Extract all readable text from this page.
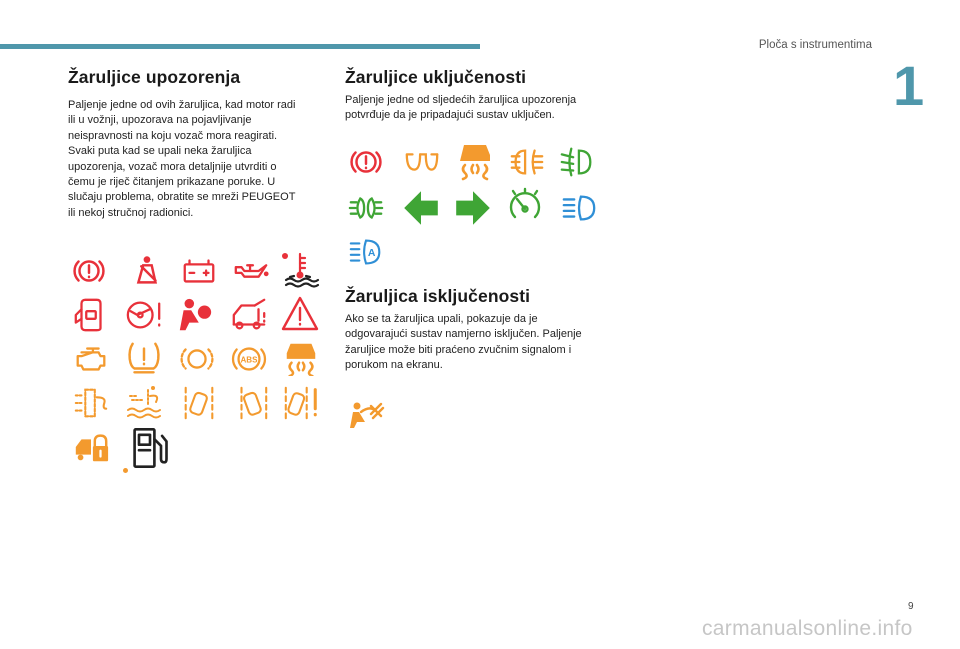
Ploča s instrumentima
1
Žaruljice upozorenja

Paljenje jedne od ovih žaruljica, kad motor radi ili u vožnji, upozorava na pojavljivanje neispravnosti na koju vozač mora reagirati. Svaki puta kad se upali neka žaruljica upozorenja, vozač mora detaljnije utvrditi o čemu je riječ čitanjem prikazane poruke. U slučaju problema, obratite se mreži PEUGEOT ili nekoj stručnoj radionici.

Žaruljice uključenosti

Paljenje jedne od sljedećih žaruljica upozorenja potvrđuje da je pripadajući sustav uključen.

Žaruljica isključenosti

Ako se ta žaruljica upali, pokazuje da je odgovarajući sustav namjerno isključen. Paljenje žaruljice može biti praćeno zvučnim signalom i porukom na ekranu.

ABS
A
9
carmanualsonline.info
